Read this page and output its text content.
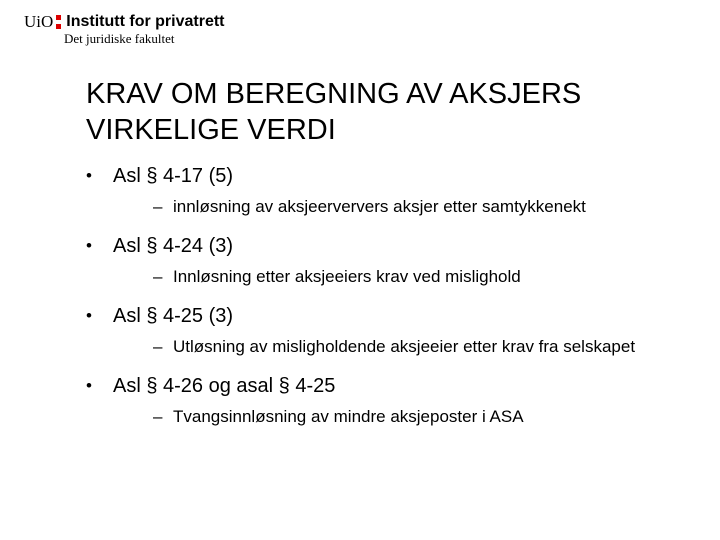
UiO Institutt for privatrett
Det juridiske fakultet
KRAV OM BEREGNING AV AKSJERS
VIRKELIGE VERDI
• Asl § 4-17 (5)
– innløsning av aksjeerververs aksjer etter samtykkenekt
• Asl § 4-24 (3)
– Innløsning etter aksjeeiers krav ved mislighold
• Asl § 4-25 (3)
– Utløsning av misligholdende aksjeeier etter krav fra selskapet
• Asl § 4-26 og asal § 4-25
– Tvangsinnløsning av mindre aksjeposter i ASA
